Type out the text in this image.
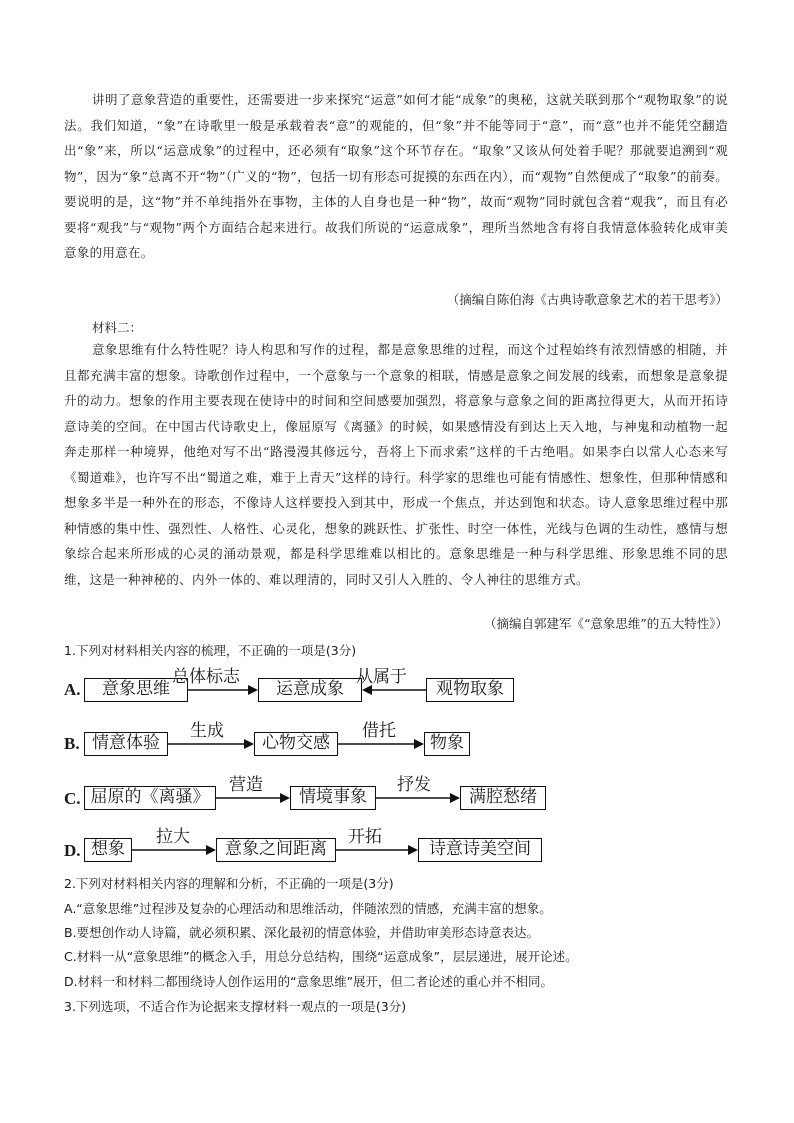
讲明了意象营造的重要性，还需要进一步来探究“运意”如何才能“成象”的奥秘，这就关联到那个“观物取象”的说法。我们知道，“象”在诗歌里一般是承载着表“意”的观能的，但“象”并不能等同于“意”，而“意”也并不能凭空翻造出“象”来，所以“运意成象”的过程中，还必须有“取象”这个环节存在。“取象”又该从何处着手呢？那就要追溯到“观物”，因为“象”总离不开“物”（广义的“物”，包括一切有形态可捉摸的东西在内），而“观物”自然便成了“取象”的前奏。要说明的是，这“物”并不单纯指外在事物，主体的人自身也是一种“物”，故而“观物”同时就包含着“观我”，而且有必要将“观我”与“观物”两个方面结合起来进行。故我们所说的“运意成象”，理所当然地含有将自我情意体验转化成审美意象的用意在。
（摘编自陈伯海《古典诗歌意象艺术的若干思考》）
材料二：
意象思维有什么特性呢？诗人构思和写作的过程，都是意象思维的过程，而这个过程始终有浓烈情感的相随，并且都充满丰富的想象。诗歌创作过程中，一个意象与一个意象的相联，情感是意象之间发展的线索，而想象是意象提升的动力。想象的作用主要表现在使诗中的时间和空间感要加强烈，将意象与意象之间的距离拉得更大，从而开拓诗意诗美的空间。在中国古代诗歌史上，像屈原写《离骚》的时候，如果感情没有到达上天入地，与神鬼和动植物一起奔走那样一种境界，他绝对写不出“路漫漫其修远兮，吾将上下而求索”这样的千古绝唱。如果李白以常人心态来写《蜀道难》，也许写不出“蜀道之难，难于上青天”这样的诗行。科学家的思维也可能有情感性、想象性，但那种情感和想象多半是一种外在的形态，不像诗人这样要投入到其中，形成一个焦点，并达到饱和状态。诗人意象思维过程中那种情感的集中性、强烈性、人格性、心灵化，想象的跳跃性、扩张性、时空一体性，光线与色调的生动性，感情与想象综合起来所形成的心灵的涌动景观，都是科学思维难以相比的。意象思维是一种与科学思维、形象思维不同的思维，这是一种神秘的、内外一体的、难以理清的，同时又引人入胜的、令人神往的思维方式。
（摘编自郭建军《“意象思维”的五大特性》）
1.下列对材料相关内容的梳理，不正确的一项是(3分)
A.	意象思维
总体标志
运意成象
从属于
观物取象
B. 情意体验
生成
心物交感
借托
物象
C. 屈原的《离骚》
营造
情境事象
抒发
满腔愁绪
D. 想象
拉大
意象之间距离
开拓
诗意诗美空间
2.下列对材料相关内容的理解和分析，不正确的一项是(3分)
A.“意象思维”过程涉及复杂的心理活动和思维活动，伴随浓烈的情感，充满丰富的想象。
B.要想创作动人诗篇，就必须积累、深化最初的情意体验，并借助审美形态诗意表达。
C.材料一从“意象思维”的概念入手，用总分总结构，围绕“运意成象”，层层递进，展开论述。
D.材料一和材料二都围绕诗人创作运用的“意象思维”展开，但二者论述的重心并不相同。
3.下列选项，不适合作为论据来支撑材料一观点的一项是(3分)
